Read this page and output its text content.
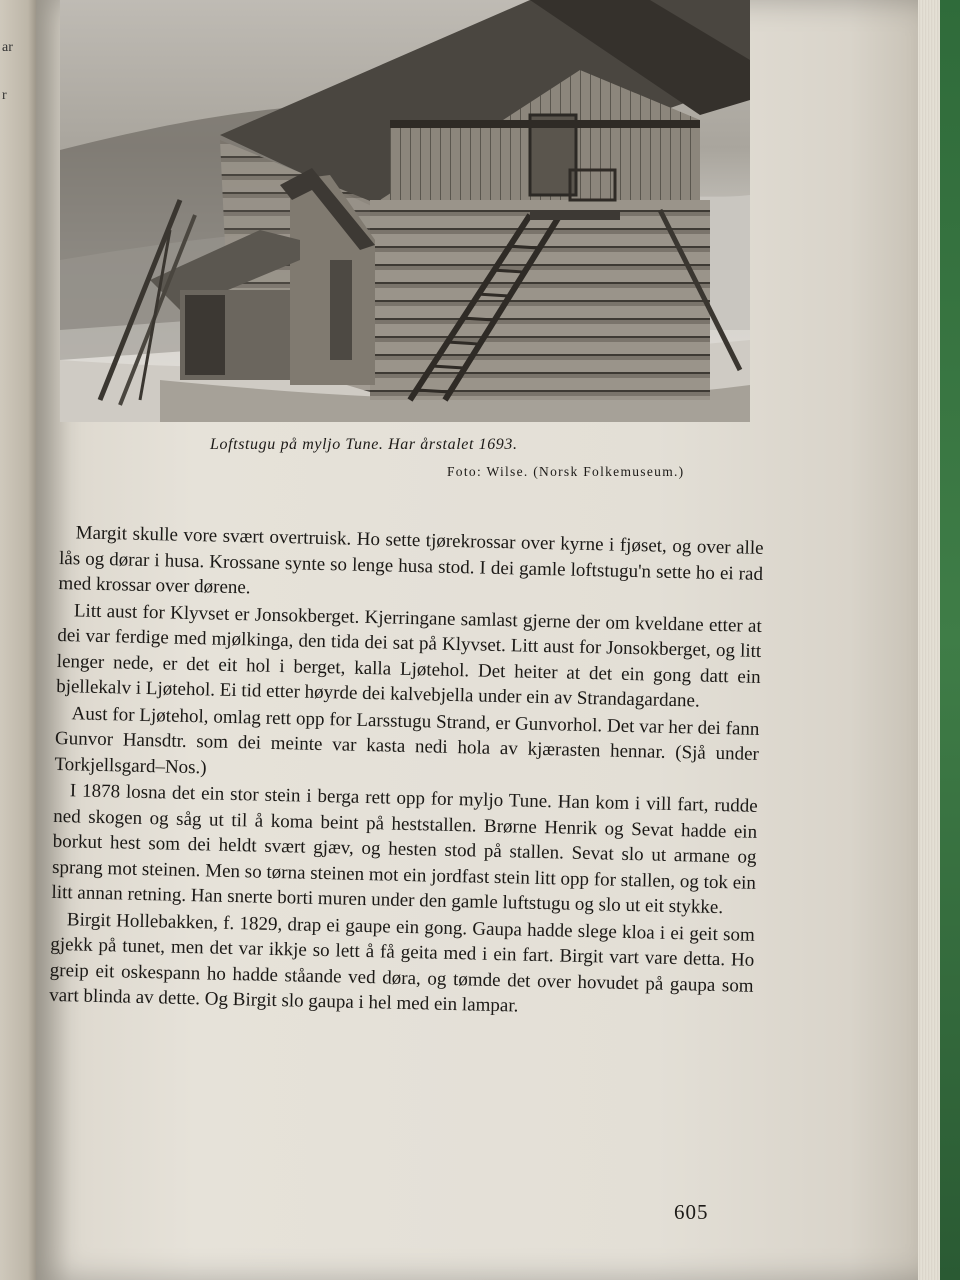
ar
r
Loftstugu på myljo Tune. Har årstalet 1693.
Foto: Wilse. (Norsk Folkemuseum.)

Margit skulle vore svært overtruisk. Ho sette tjørekrossar over kyrne i fjøset, og over alle lås og dørar i husa. Krossane synte so lenge husa stod. I dei gamle loftstugu'n sette ho ei rad med krossar over dørene.

Litt aust for Klyvset er Jonsokberget. Kjerringane samlast gjerne der om kveldane etter at dei var ferdige med mjølkinga, den tida dei sat på Klyvset. Litt aust for Jonsokberget, og litt lenger nede, er det eit hol i berget, kalla Ljøtehol. Det heiter at det ein gong datt ein bjellekalv i Ljøtehol. Ei tid etter høyrde dei kalvebjella under ein av Strandagardane.

Aust for Ljøtehol, omlag rett opp for Larsstugu Strand, er Gunvorhol. Det var her dei fann Gunvor Hansdtr. som dei meinte var kasta nedi hola av kjærasten hennar. (Sjå under Torkjellsgard–Nos.)

I 1878 losna det ein stor stein i berga rett opp for myljo Tune. Han kom i vill fart, rudde ned skogen og såg ut til å koma beint på heststallen. Brørne Henrik og Sevat hadde ein borkut hest som dei heldt svært gjæv, og hesten stod på stallen. Sevat slo ut armane og sprang mot steinen. Men so tørna steinen mot ein jordfast stein litt opp for stallen, og tok ein litt annan retning. Han snerte borti muren under den gamle luftstugu og slo ut eit stykke.

Birgit Hollebakken, f. 1829, drap ei gaupe ein gong. Gaupa hadde slege kloa i ei geit som gjekk på tunet, men det var ikkje so lett å få geita med i ein fart. Birgit vart vare detta. Ho greip eit oskespann ho hadde ståande ved døra, og tømde det over hovudet på gaupa som vart blinda av dette. Og Birgit slo gaupa i hel med ein lampar.

605
